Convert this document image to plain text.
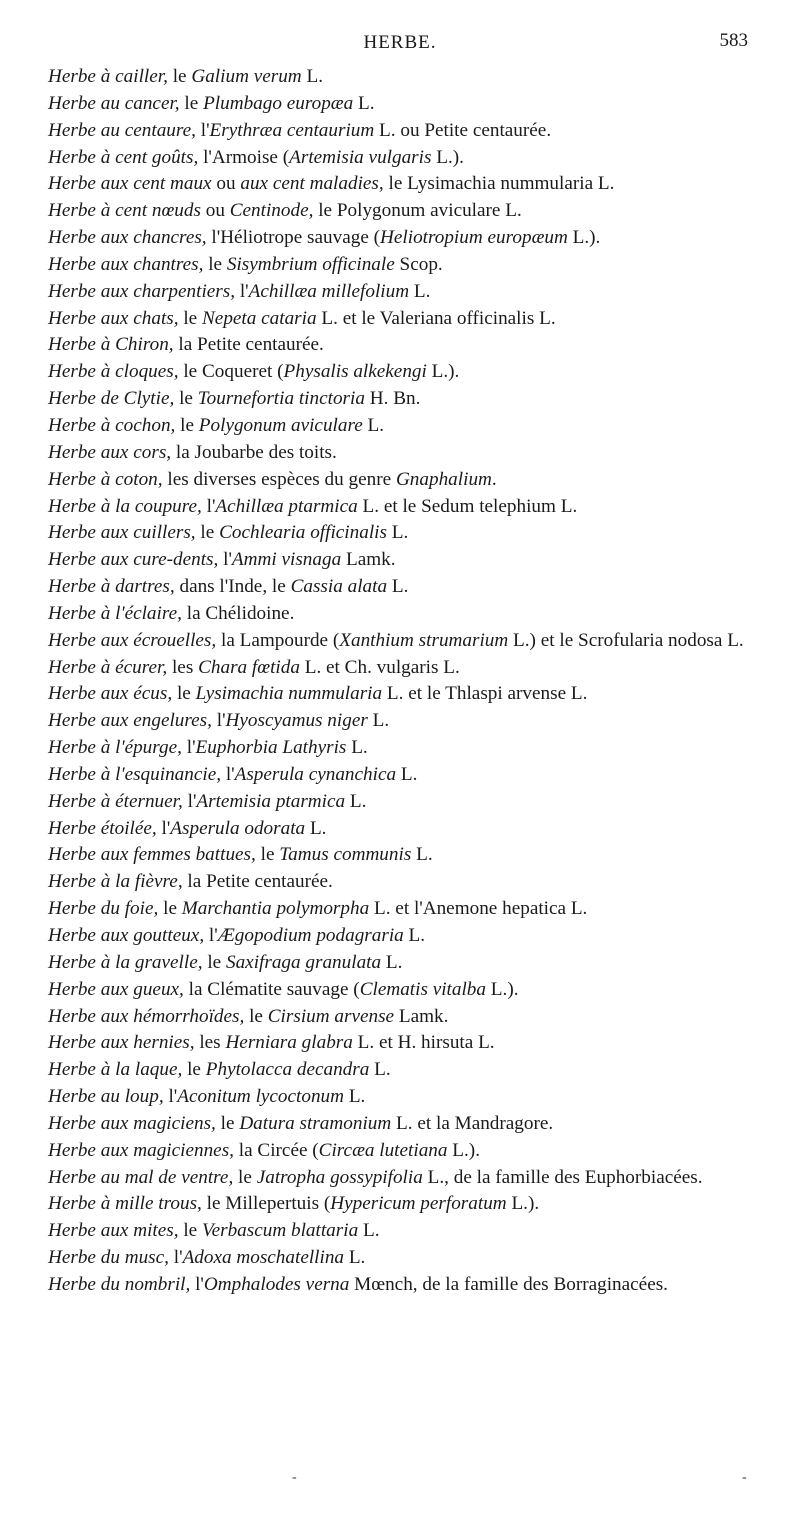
HERBE.	583

Herbe à cailler, le Galium verum L.

Herbe au cancer, le Plumbago europæa L.

Herbe au centaure, l'Erythræa centaurium L. ou Petite centaurée.

Herbe à cent goûts, l'Armoise (Artemisia vulgaris L.).

Herbe aux cent maux ou aux cent maladies, le Lysimachia nummularia L.

Herbe à cent nœuds ou Centinode, le Polygonum aviculare L.

Herbe aux chancres, l'Héliotrope sauvage (Heliotropium europæum L.).

Herbe aux chantres, le Sisymbrium officinale Scop.

Herbe aux charpentiers, l'Achillæa millefolium L.

Herbe aux chats, le Nepeta cataria L. et le Valeriana officinalis L.

Herbe à Chiron, la Petite centaurée.

Herbe à cloques, le Coqueret (Physalis alkekengi L.).

Herbe de Clytie, le Tournefortia tinctoria H. Bn.

Herbe à cochon, le Polygonum aviculare L.

Herbe aux cors, la Joubarbe des toits.

Herbe à coton, les diverses espèces du genre Gnaphalium.

Herbe à la coupure, l'Achillæa ptarmica L. et le Sedum telephium L.

Herbe aux cuillers, le Cochlearia officinalis L.

Herbe aux cure-dents, l'Ammi visnaga Lamk.

Herbe à dartres, dans l'Inde, le Cassia alata L.

Herbe à l'éclaire, la Chélidoine.

Herbe aux écrouelles, la Lampourde (Xanthium strumarium L.) et le Scrofularia nodosa L.

Herbe à écurer, les Chara fœtida L. et Ch. vulgaris L.

Herbe aux écus, le Lysimachia nummularia L. et le Thlaspi arvense L.

Herbe aux engelures, l'Hyoscyamus niger L.

Herbe à l'épurge, l'Euphorbia Lathyris L.

Herbe à l'esquinancie, l'Asperula cynanchica L.

Herbe à éternuer, l'Artemisia ptarmica L.

Herbe étoilée, l'Asperula odorata L.

Herbe aux femmes battues, le Tamus communis L.

Herbe à la fièvre, la Petite centaurée.

Herbe du foie, le Marchantia polymorpha L. et l'Anemone hepatica L.

Herbe aux goutteux, l'Ægopodium podagraria L.

Herbe à la gravelle, le Saxifraga granulata L.

Herbe aux gueux, la Clématite sauvage (Clematis vitalba L.).

Herbe aux hémorrhoïdes, le Cirsium arvense Lamk.

Herbe aux hernies, les Herniara glabra L. et H. hirsuta L.

Herbe à la laque, le Phytolacca decandra L.

Herbe au loup, l'Aconitum lycoctonum L.

Herbe aux magiciens, le Datura stramonium L. et la Mandragore.

Herbe aux magiciennes, la Circée (Circæa lutetiana L.).

Herbe au mal de ventre, le Jatropha gossypifolia L., de la famille des Euphorbiacées.

Herbe à mille trous, le Millepertuis (Hypericum perforatum L.).

Herbe aux mites, le Verbascum blattaria L.

Herbe du musc, l'Adoxa moschatellina L.

Herbe du nombril, l'Omphalodes verna Mœnch, de la famille des Borraginacées.

-	-
